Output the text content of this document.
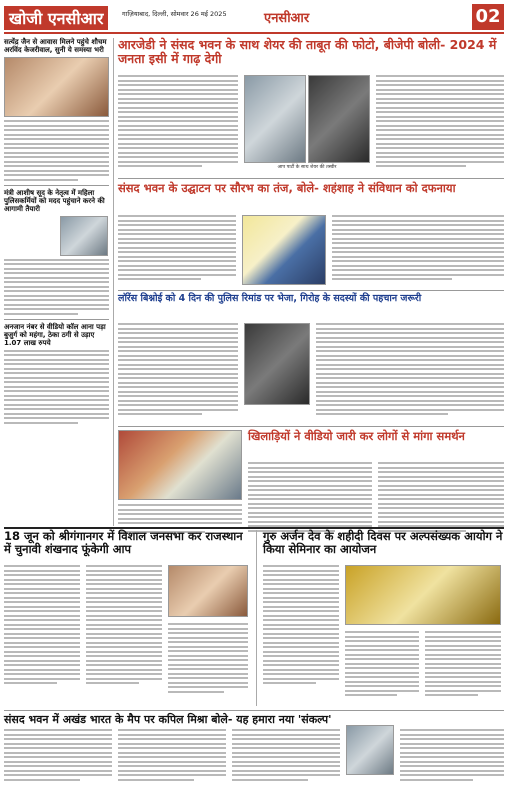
खोजी एनसीआर	गाज़ियाबाद, दिल्ली, सोमवार 26 मई 2025	एनसीआर	02
सत्येंद्र जैन से आवास मिलने पहुंचे शौचम अरविंद केजरीवाल, सुनी ये समस्या भरी
मंत्री आशीष सूद के नेतृत्व में महिला पुलिसकर्मियों को मदद पहुंचाने करने की आगामी तैयारी
अनजान नंबर से वीडियो कॉल आना पड़ा बुजुर्ग को महंगा, ठेका ठगी से उड़ाए 1.07 लाख रुपये
आरजेडी ने संसद भवन के साथ शेयर की ताबूत की फोटो, बीजेपी बोली- 2024 में जनता इसी में गाढ़ देगी
आप पार्टी के साथ शेयर की तस्वीर
संसद भवन के उद्घाटन पर सौरभ का तंज, बोले- शहंशाह ने संविधान को दफनाया
लॉरेंस बिश्नोई को 4 दिन की पुलिस रिमांड पर भेजा, गिरोह के सदस्यों की पहचान जरूरी
खिलाड़ियों ने वीडियो जारी कर लोगों से मांगा समर्थन
18 जून को श्रीगंगानगर में विशाल जनसभा कर राजस्थान में चुनावी शंखनाद फूंकेगी आप
गुरु अर्जन देव के शहीदी दिवस पर अल्पसंख्यक आयोग ने किया सेमिनार का आयोजन
संसद भवन में अखंड भारत के मैप पर कपिल मिश्रा बोले- यह हमारा नया 'संकल्प'
